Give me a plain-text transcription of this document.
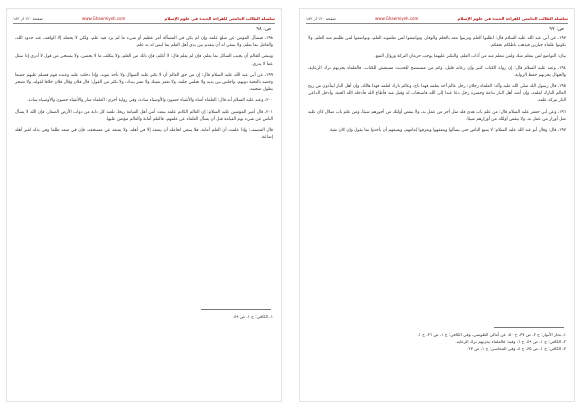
سلسلة الطالب الجامعي للقراءة الجيدة في علوم الإسلام
www.Ghaemiyeh.com
صفحه ۱۲۰ از ۱۸۲
ص: ٩٨

١٩٨ـ فیسأل المؤمن عن مبلغ علمه وإن لم یكن في المسألة أمر عظیم أو شيء ما لم یرد فیه علم، ولكن لا یحمله إلا الواقف عند حدود الله، والعامل بما یعلم، ولا ینبغي له أن یتقدم بین یدي أهل العلم بما لیس له به علم.

وینبغي للعالم أن یجیب السائل بما یعلم، فإن لم یعلم قال: لا أعلم، فإن ذلك من العلم، ولا یتكلف ما لا یحسن، ولا یستحي من قول لا أدري إذا سئل عما لا یدري.

١٩٩ـ عن أبي عبد الله علیه السلام قال: إن من حق العالم أن لا تكثر علیه السؤال ولا تأخذ بثوبه، وإذا دخلت علیه وعنده قوم فسلم علیهم جمیعا وخصه بالتحیة دونهم، واجلس بین یدیه ولا تجلس خلفه، ولا تغمز بعینك ولا تشر بیدك، ولا تكثر من القول: قال فلان وقال فلان خلافا لقوله، ولا تضجر بطول صحبته.

٢٠٠ـ وعنه علیه السلام أنه قال: العلماء أمناء والأتقیاء حصون والأوصیاء سادة، وفي روایة أخرى: العلماء منار والأتقیاء حصون والأوصیاء سادة.

٢٠١ـ قال أمیر المؤمنین علیه السلام: إن العالم الكاتم علمه یبعث أنتن أهل القیامة ریحا، تلعنه كل دابة من دواب الأرض الصغار، فإن الله لا یسأل الناس عن شيء یوم القیامة قبل أن یسأل العلماء عن علمهم، فالعلم أمانة والعالم مؤتمن علیها.

قال المصنف: وإذا علمت أن العلم أمانة، فلا ینبغي لحامله أن یضعه إلا في أهله، ولا یمنعه عن مستحقه، فإن في منعه ظلما وفي بذله لغیر أهله إضاعة.

١ـ الكافي: ج ١، ص ٤٩.

سلسلة الطالب الجامعي للقراءة الجيدة في علوم الإسلام
www.Ghaemiyeh.com
صفحه ۱۲۰ از ۱۸۲
ص: ٩٧

١٩٣ـ عن أبي عبد الله علیه السلام قال: اطلبوا العلم وتزینوا معه بالحلم والوقار، وتواضعوا لمن تعلمونه العلم، وتواضعوا لمن طلبتم منه العلم، ولا تكونوا علماء جبارین فیذهب باطلكم بحقكم.

بیان: التواضع لمن یتعلم منك ولمن تتعلم منه من آداب العلم، والتكبر علیهما یوجب حرمان البركة وزوال النفع.

١٩٤ـ وعنه علیه السلام قال: إن رواة الكتاب كثیر وإن رعاته قلیل، وكم من مستنصح للحدیث مستغش للكتاب، فالعلماء یحزنهم ترك الرعایة، والجهال یحزنهم حفظ الروایة.

١٩٥ـ قال رسول الله صلى الله علیه وآله: العلماء رجلان: رجل عالم آخذ بعلمه فهذا ناج، وعالم تارك لعلمه فهذا هالك، وإن أهل النار لیتأذون من ریح العالم التارك لعلمه، وإن أشد أهل النار ندامة وحسرة رجل دعا عبدا إلى الله فاستجاب له وقبل منه فأطاع الله فأدخله الله الجنة، وأدخل الداعي النار بتركه علمه.

١٩٦ـ وعن أبي جعفر علیه السلام قال: من علم باب هدى فله مثل أجر من عمل به، ولا ینقص أولئك من أجورهم شیئا، ومن علم باب ضلال كان علیه مثل أوزار من عمل به، ولا ینقص أولئك من أوزارهم شیئا.

١٩٧ـ قال: وقال أبو عبد الله علیه السلام: لا یسع الناس حتى یسألوا ویتفقهوا ویعرفوا إمامهم، ویسعهم أن یأخذوا بما یقول وإن كان تقیة.

١ـ بحار الأنوار: ج ٢، ص ٣٧، ح ٥٠، عن أمالي الطوسي، وفي الكافي: ج ١، ص ٣٦، ح ١.

٢ـ الكافي: ج ١، ص ٤٩، ح ٦، وفیه: فالعلماء یحزنهم ترك الرعایة.

٣ـ الكافي: ج ١، ص ٣٥، ح ٤، وفي المحاسن: ج ١، ص ٢٧.
